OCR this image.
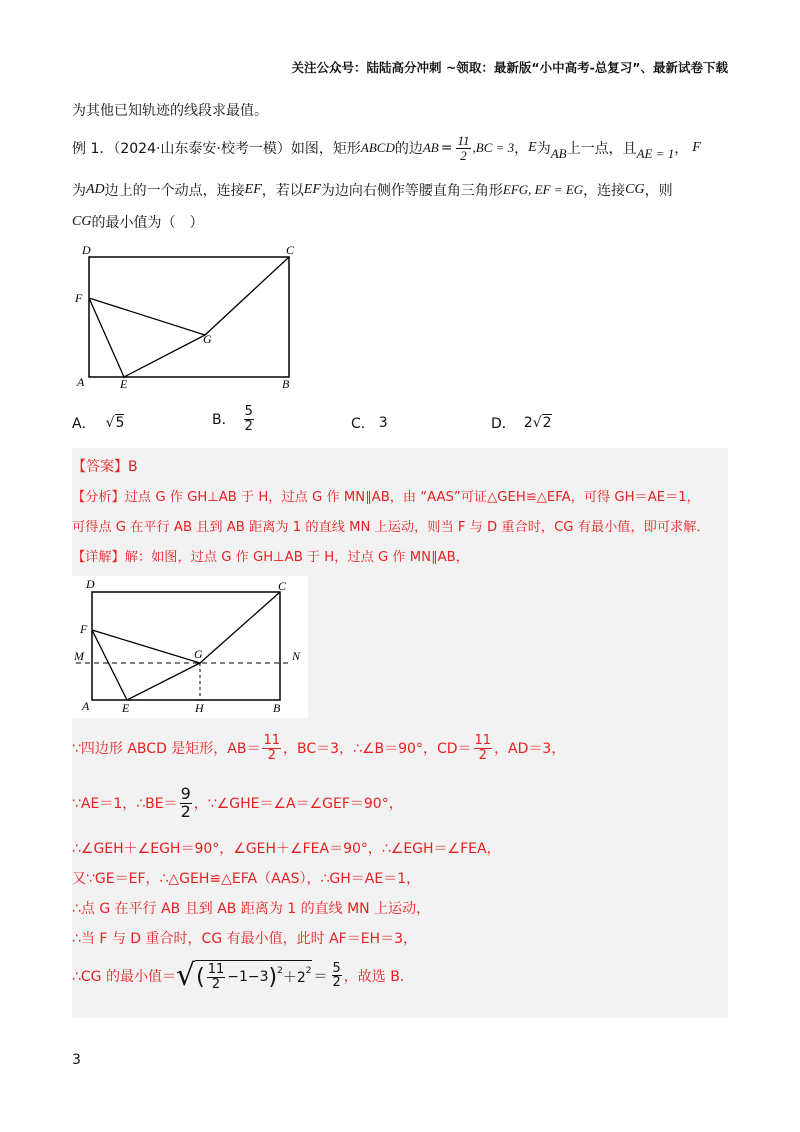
关注公众号：陆陆高分冲刺 ~领取：最新版“小中高考-总复习”、最新试卷下载
为其他已知轨迹的线段求最值。
例 1．（2024·山东泰安·校考一模）如图，矩形 ABCD 的边 AB = $\frac{11}{2} ,BC = 3$ ， E 为 AB 上一点，且 AE = 1 ， F
为 AD 边上的一个动点，连接 EF ，若以 EF 为边向右侧作等腰直角三角形 EFG, EF = EG ，连接 CG ，则
CG 的最小值为（　）
D	C
F
G
A	E	B
A． √5	B． $\frac{5}{2}$	C． 3	D． 2 √2
【答案】B
【分析】过点 G 作 GH⊥AB 于 H，过点 G 作 MN∥AB，由 “AAS”可证△GEH≌△EFA，可得 GH＝AE＝1，
可得点 G 在平行 AB 且到 AB 距离为 1 的直线 MN 上运动，则当 F 与 D 重合时，CG 有最小值，即可求解．
【详解】解：如图，过点 G 作 GH⊥AB 于 H，过点 G 作 MN∥AB，
D	C
F
M	G	N
A	E	H	B
∵四边形 ABCD 是矩形，$AB= \frac{11}{2}$ ，BC＝3，∴∠B＝90°，$CD= \frac{11}{2}$ ，AD＝3，
∵AE＝1，∴BE＝ $\frac{9}{2}$ ，∵∠GHE＝∠A＝∠GEF＝90°，
∴∠GEH＋∠EGH＝90°，∠GEH＋∠FEA＝90°，∴∠EGH＝∠FEA，
又∵GE＝EF，∴△GEH≌△EFA（AAS），∴GH＝AE＝1，
∴点 G 在平行 AB 且到 AB 距离为 1 的直线 MN 上运动，
∴当 F 与 D 重合时，CG 有最小值，此时 AF＝EH＝3，
∴CG 的最小值＝ √ ( $\frac{11}{2} -1-3$ )$^2 +2^2 = \frac{5}{2}$ ，故选 B．
3
